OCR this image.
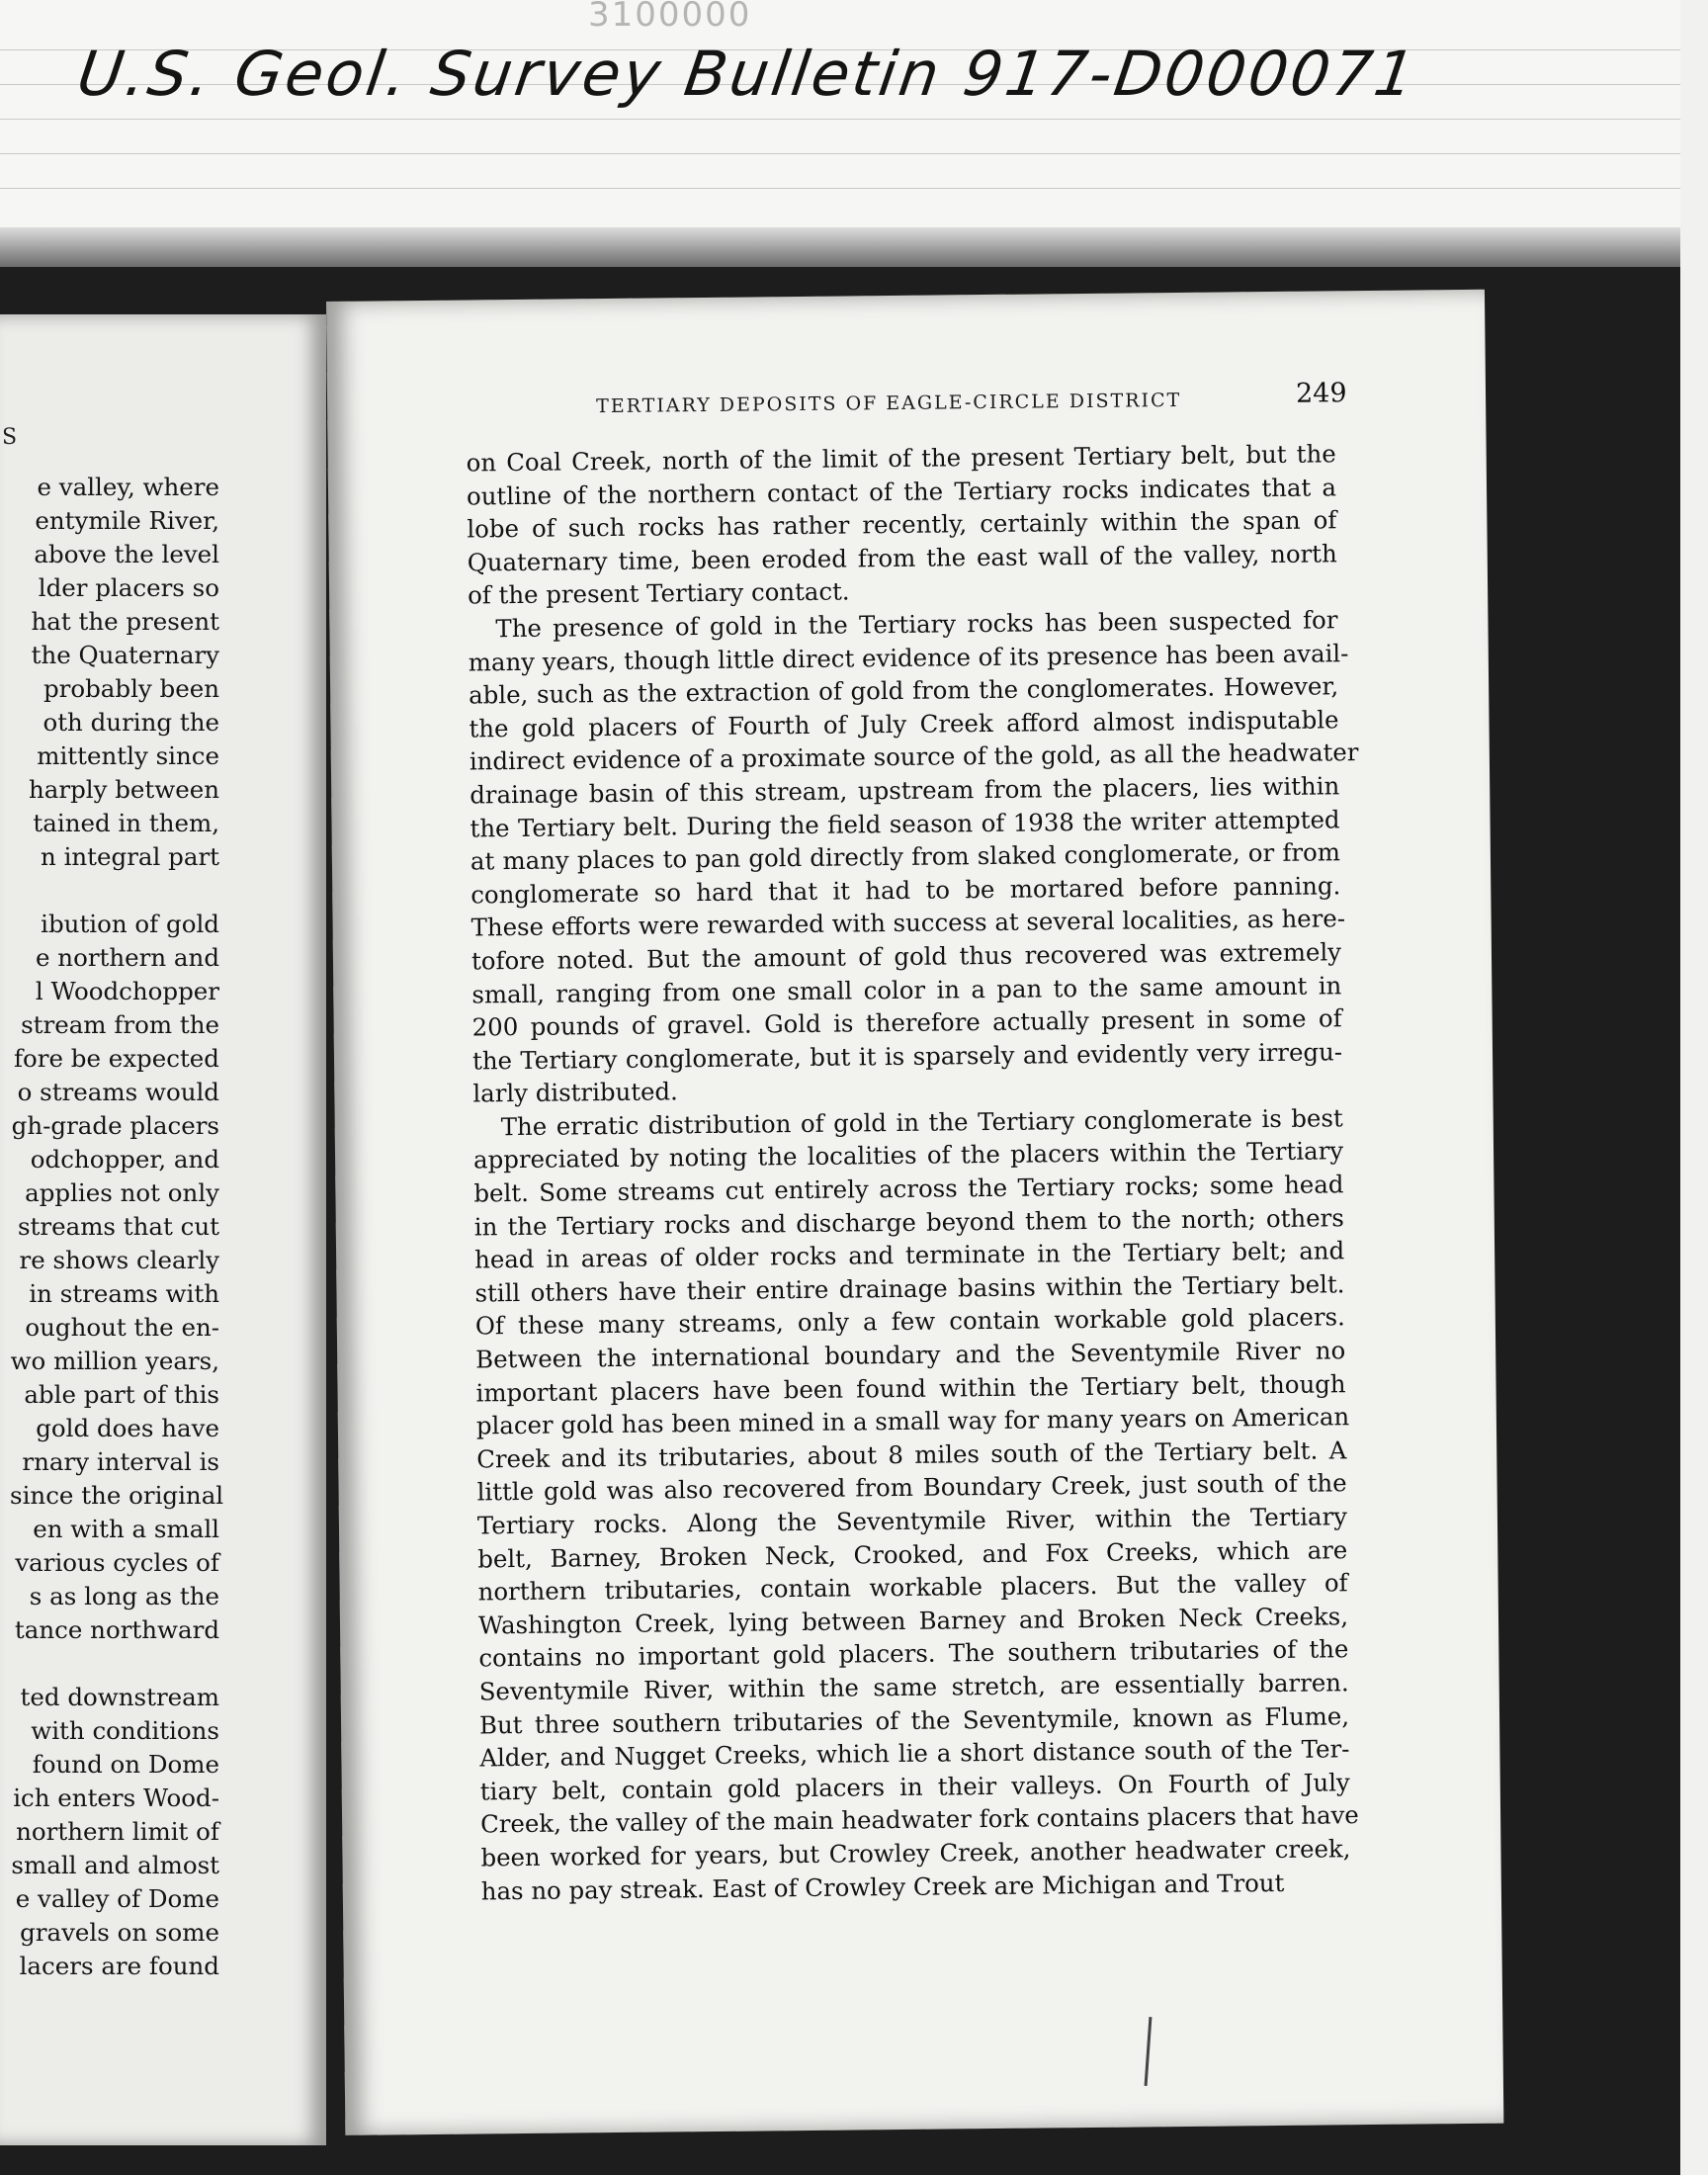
3100000
U.S. Geol. Survey Bulletin 917-D000071
S
e valley, where
entymile River,
above the level
lder placers so
hat the present
the Quaternary
probably been
oth during the
mittently since
harply between
tained in them,
n integral part
ibution of gold
e northern and
l Woodchopper
stream from the
fore be expected
o streams would
gh-grade placers
odchopper, and
applies not only
streams that cut
re shows clearly
in streams with
oughout the en-
wo million years,
able part of this
gold does have
rnary interval is
since the original
en with a small
various cycles of
s as long as the
tance northward
ted downstream
with conditions
found on Dome
ich enters Wood-
northern limit of
small and almost
e valley of Dome
gravels on some
lacers are found
TERTIARY DEPOSITS OF EAGLE-CIRCLE DISTRICT	249
on Coal Creek, north of the limit of the present Tertiary belt, but the
outline of the northern contact of the Tertiary rocks indicates that a
lobe of such rocks has rather recently, certainly within the span of
Quaternary time, been eroded from the east wall of the valley, north
of the present Tertiary contact.
The presence of gold in the Tertiary rocks has been suspected for
many years, though little direct evidence of its presence has been avail-
able, such as the extraction of gold from the conglomerates. However,
the gold placers of Fourth of July Creek afford almost indisputable
indirect evidence of a proximate source of the gold, as all the headwater
drainage basin of this stream, upstream from the placers, lies within
the Tertiary belt. During the field season of 1938 the writer attempted
at many places to pan gold directly from slaked conglomerate, or from
conglomerate so hard that it had to be mortared before panning.
These efforts were rewarded with success at several localities, as here-
tofore noted. But the amount of gold thus recovered was extremely
small, ranging from one small color in a pan to the same amount in
200 pounds of gravel. Gold is therefore actually present in some of
the Tertiary conglomerate, but it is sparsely and evidently very irregu-
larly distributed.
The erratic distribution of gold in the Tertiary conglomerate is best
appreciated by noting the localities of the placers within the Tertiary
belt. Some streams cut entirely across the Tertiary rocks; some head
in the Tertiary rocks and discharge beyond them to the north; others
head in areas of older rocks and terminate in the Tertiary belt; and
still others have their entire drainage basins within the Tertiary belt.
Of these many streams, only a few contain workable gold placers.
Between the international boundary and the Seventymile River no
important placers have been found within the Tertiary belt, though
placer gold has been mined in a small way for many years on American
Creek and its tributaries, about 8 miles south of the Tertiary belt. A
little gold was also recovered from Boundary Creek, just south of the
Tertiary rocks. Along the Seventymile River, within the Tertiary
belt, Barney, Broken Neck, Crooked, and Fox Creeks, which are
northern tributaries, contain workable placers. But the valley of
Washington Creek, lying between Barney and Broken Neck Creeks,
contains no important gold placers. The southern tributaries of the
Seventymile River, within the same stretch, are essentially barren.
But three southern tributaries of the Seventymile, known as Flume,
Alder, and Nugget Creeks, which lie a short distance south of the Ter-
tiary belt, contain gold placers in their valleys. On Fourth of July
Creek, the valley of the main headwater fork contains placers that have
been worked for years, but Crowley Creek, another headwater creek,
has no pay streak. East of Crowley Creek are Michigan and Trout
